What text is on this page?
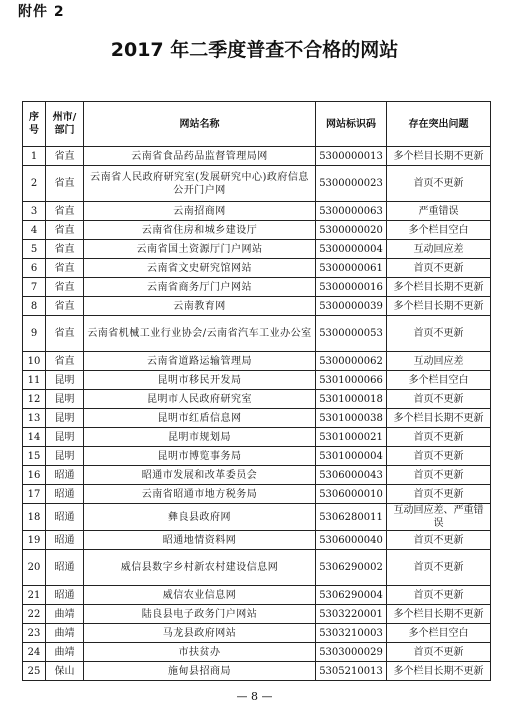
附件 2
2017 年二季度普查不合格的网站
序号	州市/部门	网站名称	网站标识码	存在突出问题
1	省直	云南省食品药品监督管理局网	5300000013	多个栏目长期不更新
2	省直	云南省人民政府研究室(发展研究中心)政府信息公开门户网	5300000023	首页不更新
3	省直	云南招商网	5300000063	严重错误
4	省直	云南省住房和城乡建设厅	5300000020	多个栏目空白
5	省直	云南省国土资源厅门户网站	5300000004	互动回应差
6	省直	云南省文史研究馆网站	5300000061	首页不更新
7	省直	云南省商务厅门户网站	5300000016	多个栏目长期不更新
8	省直	云南教育网	5300000039	多个栏目长期不更新
9	省直	云南省机械工业行业协会/云南省汽车工业办公室	5300000053	首页不更新
10	省直	云南省道路运输管理局	5300000062	互动回应差
11	昆明	昆明市移民开发局	5301000066	多个栏目空白
12	昆明	昆明市人民政府研究室	5301000018	首页不更新
13	昆明	昆明市红盾信息网	5301000038	多个栏目长期不更新
14	昆明	昆明市规划局	5301000021	首页不更新
15	昆明	昆明市博览事务局	5301000004	首页不更新
16	昭通	昭通市发展和改革委员会	5306000043	首页不更新
17	昭通	云南省昭通市地方税务局	5306000010	首页不更新
18	昭通	彝良县政府网	5306280011	互动回应差、严重错误
19	昭通	昭通地情资料网	5306000040	首页不更新
20	昭通	威信县数字乡村新农村建设信息网	5306290002	首页不更新
21	昭通	威信农业信息网	5306290004	首页不更新
22	曲靖	陆良县电子政务门户网站	5303220001	多个栏目长期不更新
23	曲靖	马龙县政府网站	5303210003	多个栏目空白
24	曲靖	市扶贫办	5303000029	首页不更新
25	保山	施甸县招商局	5305210013	多个栏目长期不更新
— 8 —
